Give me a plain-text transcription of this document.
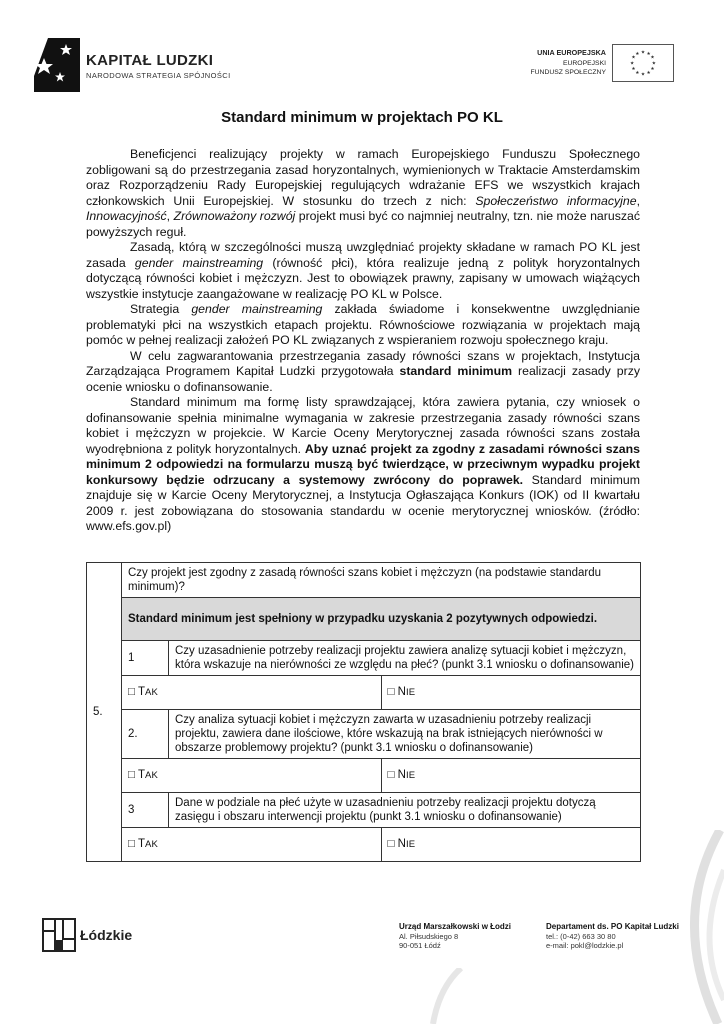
KAPITAŁ LUDZKI
NARODOWA STRATEGIA SPÓJNOŚCI
UNIA EUROPEJSKA
EUROPEJSKI
FUNDUSZ SPOŁECZNY
★ ★
★
★
★
★
★
★
★
★
★
★
Standard minimum w projektach PO KL

Beneficjenci realizujący projekty w ramach Europejskiego Funduszu Społecznego zobligowani są do przestrzegania zasad horyzontalnych, wymienionych w Traktacie Amsterdamskim oraz Rozporządzeniu Rady Europejskiej regulujących wdrażanie EFS we wszystkich krajach członkowskich Unii Europejskiej. W stosunku do trzech z nich: Społeczeństwo informacyjne, Innowacyjność, Zrównoważony rozwój projekt musi być co najmniej neutralny, tzn. nie może naruszać powyższych reguł.

Zasadą, którą w szczególności muszą uwzględniać projekty składane w ramach PO KL jest zasada gender mainstreaming (równość płci), która realizuje jedną z polityk horyzontalnych dotyczącą równości kobiet i mężczyzn. Jest to obowiązek prawny, zapisany w umowach wiążących wszystkie instytucje zaangażowane w realizację PO KL w Polsce.

Strategia gender mainstreaming zakłada świadome i konsekwentne uwzględnianie problematyki płci na wszystkich etapach projektu. Równościowe rozwiązania w projektach mają pomóc w pełnej realizacji założeń PO KL związanych z wspieraniem rozwoju społecznego kraju.

W celu zagwarantowania przestrzegania zasady równości szans w projektach, Instytucja Zarządzająca Programem Kapitał Ludzki przygotowała standard minimum realizacji zasady przy ocenie wniosku o dofinansowanie.

Standard minimum ma formę listy sprawdzającej, która zawiera pytania, czy wniosek o dofinansowanie spełnia minimalne wymagania w zakresie przestrzegania zasady równości szans kobiet i mężczyzn w projekcie. W Karcie Oceny Merytorycznej zasada równości szans została wyodrębniona z polityk horyzontalnych. Aby uznać projekt za zgodny z zasadami równości szans minimum 2 odpowiedzi na formularzu muszą być twierdzące, w przeciwnym wypadku projekt konkursowy będzie odrzucany a systemowy zwrócony do poprawek. Standard minimum znajduje się w Karcie Oceny Merytorycznej, a Instytucja Ogłaszająca Konkurs (IOK) od II kwartału 2009 r. jest zobowiązana do stosowania standardu w ocenie merytorycznej wniosków. (źródło: www.efs.gov.pl)

5.	Czy projekt jest zgodny z zasadą równości szans kobiet i mężczyzn (na podstawie standardu minimum)?
Standard minimum jest spełniony w przypadku uzyskania 2 pozytywnych odpowiedzi.
1	Czy uzasadnienie potrzeby realizacji projektu zawiera analizę sytuacji kobiet i mężczyzn, która wskazuje na nierówności ze względu na płeć? (punkt 3.1 wniosku o dofinansowanie)

□ TAK	□ NIE

2.	Czy analiza sytuacji kobiet i mężczyzn zawarta w uzasadnieniu potrzeby realizacji projektu, zawiera dane ilościowe, które wskazują na brak istniejących nierówności w obszarze problemowy projektu? (punkt 3.1 wniosku o dofinansowanie)

□ TAK	□ NIE

3	Dane w podziale na płeć użyte w uzasadnieniu potrzeby realizacji projektu dotyczą zasięgu i obszaru interwencji projektu (punkt 3.1 wniosku o dofinansowanie)

□ TAK	□ NIE
Łódzkie
Urząd Marszałkowski w Łodzi
Al. Piłsudskiego 8
90-051 Łódź
Departament ds. PO Kapitał Ludzki
tel.: (0-42) 663 30 80
e-mail: pokl@lodzkie.pl
